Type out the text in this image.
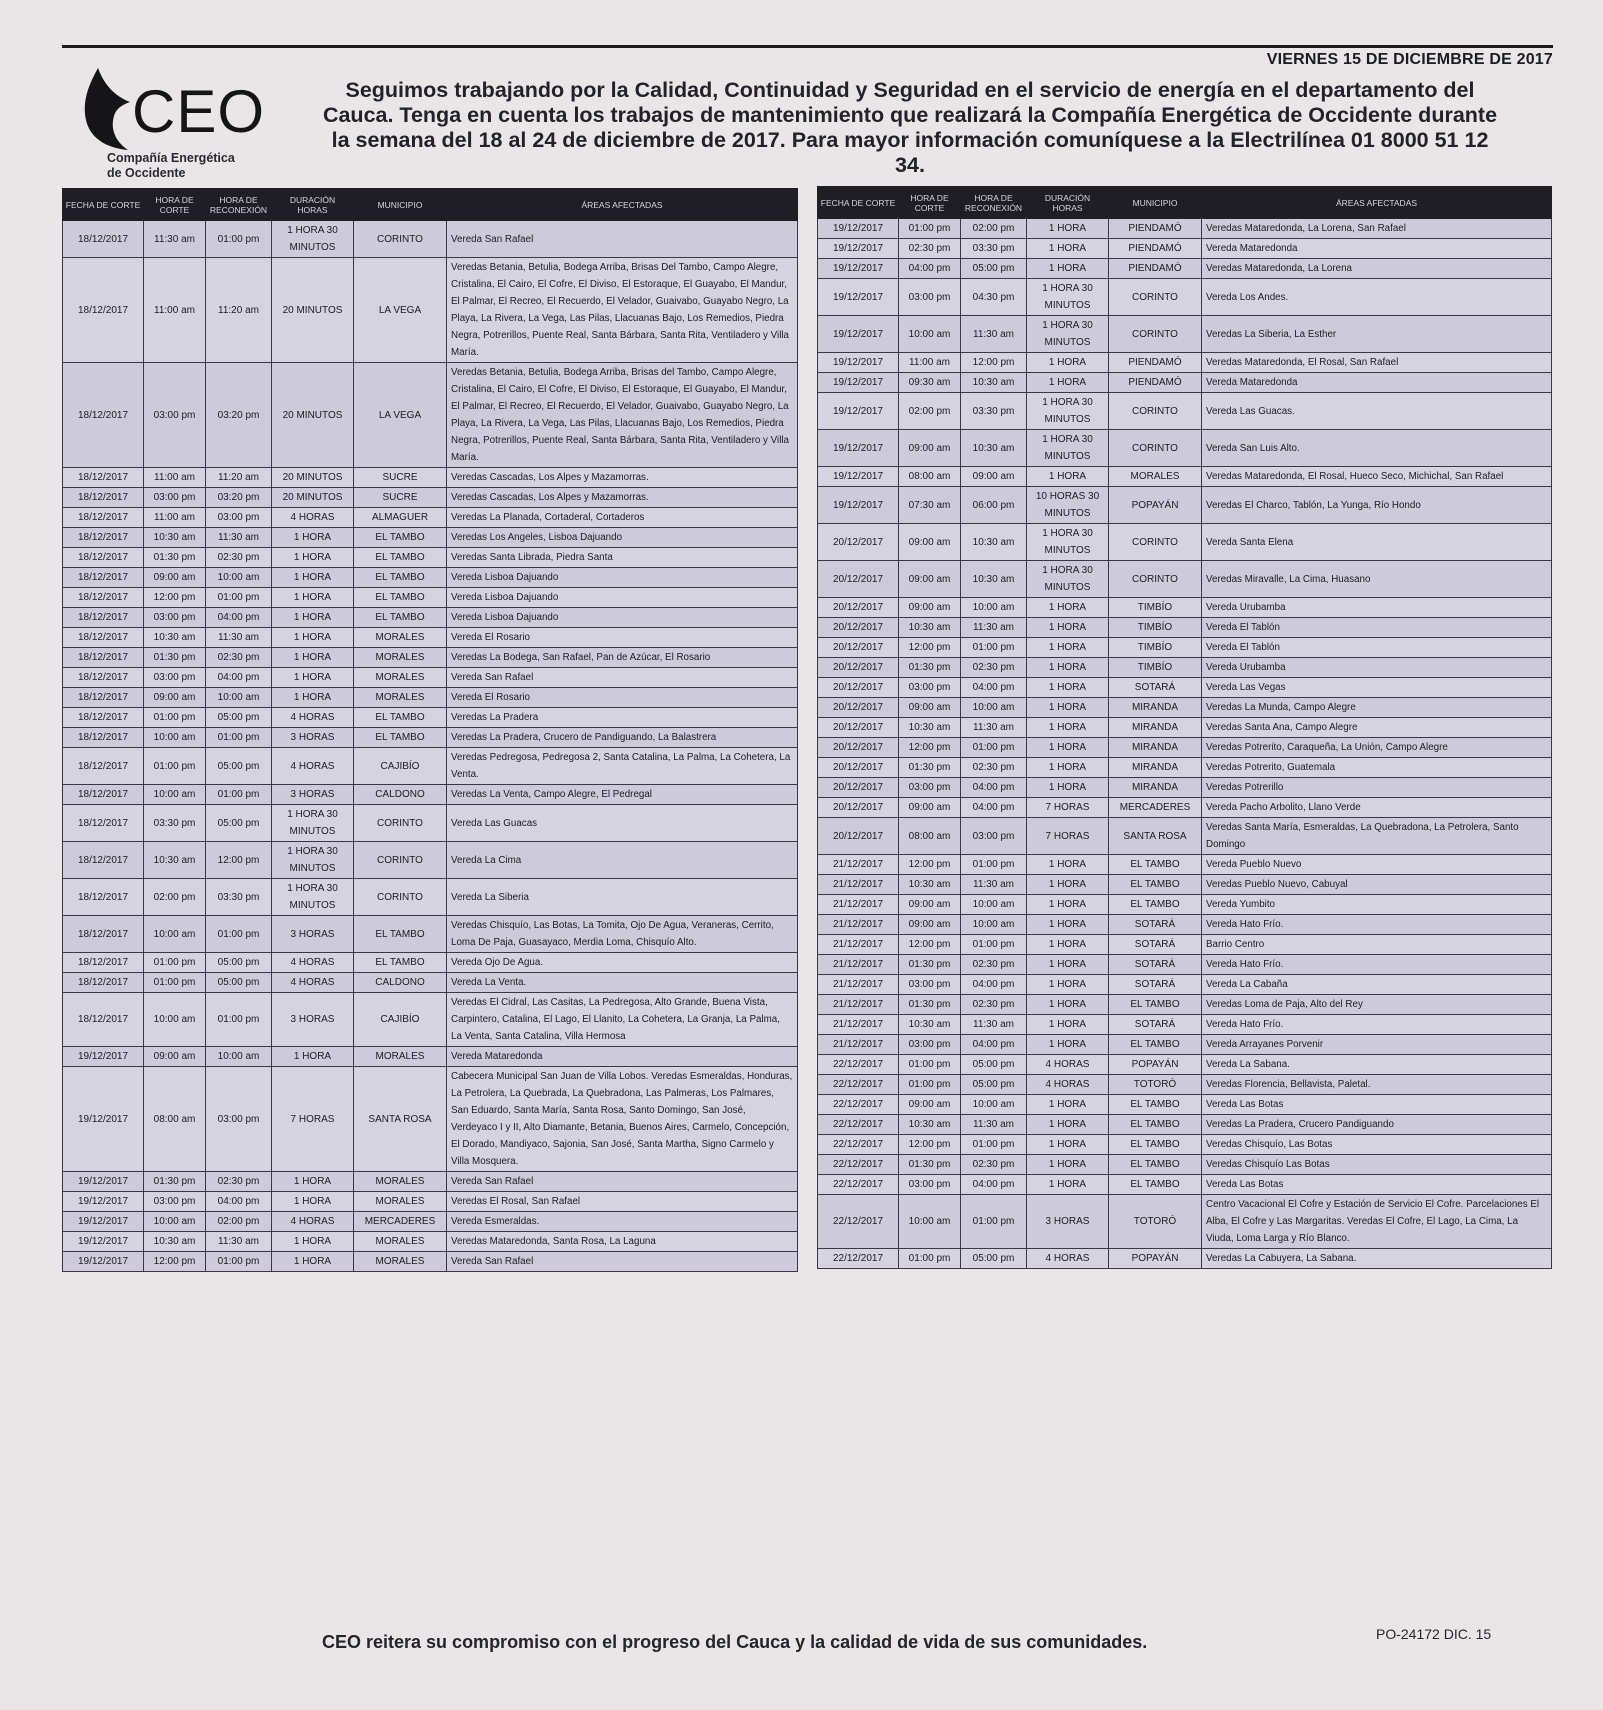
VIERNES 15 DE DICIEMBRE DE 2017
CEO
Compañía Energética
de Occidente
Seguimos trabajando por la Calidad, Continuidad y Seguridad en el servicio de energía en el departamento del Cauca. Tenga en cuenta los trabajos de mantenimiento que realizará la Compañía Energética de Occidente durante la semana del 18 al 24 de diciembre de 2017. Para mayor información comuníquese a la Electrilínea 01 8000 51 12 34.
FECHA DE CORTE	HORA DE CORTE	HORA DE RECONEXIÓN	DURACIÓN HORAS	MUNICIPIO	ÁREAS AFECTADAS
18/12/2017	11:30 am	01:00 pm	1 HORA 30 MINUTOS	CORINTO	Vereda San Rafael
18/12/2017	11:00 am	11:20 am	20 MINUTOS	LA VEGA	Veredas Betania, Betulia, Bodega Arriba, Brisas Del Tambo, Campo Alegre, Cristalina, El Cairo, El Cofre, El Diviso, El Estoraque, El Guayabo, El Mandur, El Palmar, El Recreo, El Recuerdo, El Velador, Guaivabo, Guayabo Negro, La Playa, La Rivera, La Vega, Las Pilas, Llacuanas Bajo, Los Remedios, Piedra Negra, Potrerillos, Puente Real, Santa Bárbara, Santa Rita, Ventiladero y Villa María.
18/12/2017	03:00 pm	03:20 pm	20 MINUTOS	LA VEGA	Veredas Betania, Betulia, Bodega Arriba, Brisas del Tambo, Campo Alegre, Cristalina, El Cairo, El Cofre, El Diviso, El Estoraque, El Guayabo, El Mandur, El Palmar, El Recreo, El Recuerdo, El Velador, Guaivabo, Guayabo Negro, La Playa, La Rivera, La Vega, Las Pilas, Llacuanas Bajo, Los Remedios, Piedra Negra, Potrerillos, Puente Real, Santa Bárbara, Santa Rita, Ventiladero y Villa María.
18/12/2017	11:00 am	11:20 am	20 MINUTOS	SUCRE	Veredas Cascadas, Los Alpes y Mazamorras.
18/12/2017	03:00 pm	03:20 pm	20 MINUTOS	SUCRE	Veredas Cascadas, Los Alpes y Mazamorras.
18/12/2017	11:00 am	03:00 pm	4 HORAS	ALMAGUER	Veredas La Planada, Cortaderal, Cortaderos
18/12/2017	10:30 am	11:30 am	1 HORA	EL TAMBO	Veredas Los Angeles, Lisboa Dajuando
18/12/2017	01:30 pm	02:30 pm	1 HORA	EL TAMBO	Veredas Santa Librada, Piedra Santa
18/12/2017	09:00 am	10:00 am	1 HORA	EL TAMBO	Vereda Lisboa Dajuando
18/12/2017	12:00 pm	01:00 pm	1 HORA	EL TAMBO	Vereda Lisboa Dajuando
18/12/2017	03:00 pm	04:00 pm	1 HORA	EL TAMBO	Vereda Lisboa Dajuando
18/12/2017	10:30 am	11:30 am	1 HORA	MORALES	Vereda El Rosario
18/12/2017	01:30 pm	02:30 pm	1 HORA	MORALES	Veredas La Bodega, San Rafael, Pan de Azúcar, El Rosario
18/12/2017	03:00 pm	04:00 pm	1 HORA	MORALES	Vereda San Rafael
18/12/2017	09:00 am	10:00 am	1 HORA	MORALES	Vereda El Rosario
18/12/2017	01:00 pm	05:00 pm	4 HORAS	EL TAMBO	Veredas La Pradera
18/12/2017	10:00 am	01:00 pm	3 HORAS	EL TAMBO	Veredas La Pradera, Crucero de Pandiguando, La Balastrera
18/12/2017	01:00 pm	05:00 pm	4 HORAS	CAJIBÍO	Veredas Pedregosa, Pedregosa 2, Santa Catalina, La Palma, La Cohetera, La Venta.
18/12/2017	10:00 am	01:00 pm	3 HORAS	CALDONO	Veredas La Venta, Campo Alegre, El Pedregal
18/12/2017	03:30 pm	05:00 pm	1 HORA 30 MINUTOS	CORINTO	Vereda Las Guacas
18/12/2017	10:30 am	12:00 pm	1 HORA 30 MINUTOS	CORINTO	Vereda La Cima
18/12/2017	02:00 pm	03:30 pm	1 HORA 30 MINUTOS	CORINTO	Vereda La Siberia
18/12/2017	10:00 am	01:00 pm	3 HORAS	EL TAMBO	Veredas Chisquío, Las Botas, La Tomita, Ojo De Agua, Veraneras, Cerrito, Loma De Paja, Guasayaco, Merdia Loma, Chisquío Alto.
18/12/2017	01:00 pm	05:00 pm	4 HORAS	EL TAMBO	Vereda Ojo De Agua.
18/12/2017	01:00 pm	05:00 pm	4 HORAS	CALDONO	Vereda La Venta.
18/12/2017	10:00 am	01:00 pm	3 HORAS	CAJIBÍO	Veredas El Cidral, Las Casitas, La Pedregosa, Alto Grande, Buena Vista, Carpintero, Catalina, El Lago, El Llanito, La Cohetera, La Granja, La Palma, La Venta, Santa Catalina, Villa Hermosa
19/12/2017	09:00 am	10:00 am	1 HORA	MORALES	Vereda Mataredonda
19/12/2017	08:00 am	03:00 pm	7 HORAS	SANTA ROSA	Cabecera Municipal San Juan de Villa Lobos. Veredas Esmeraldas, Honduras, La Petrolera, La Quebrada, La Quebradona, Las Palmeras, Los Palmares, San Eduardo, Santa María, Santa Rosa, Santo Domingo, San José, Verdeyaco I y II, Alto Diamante, Betania, Buenos Aires, Carmelo, Concepción, El Dorado, Mandiyaco, Sajonia, San José, Santa Martha, Signo Carmelo y Villa Mosquera.
19/12/2017	01:30 pm	02:30 pm	1 HORA	MORALES	Vereda San Rafael
19/12/2017	03:00 pm	04:00 pm	1 HORA	MORALES	Veredas El Rosal, San Rafael
19/12/2017	10:00 am	02:00 pm	4 HORAS	MERCADERES	Vereda Esmeraldas.
19/12/2017	10:30 am	11:30 am	1 HORA	MORALES	Veredas Mataredonda, Santa Rosa, La Laguna
19/12/2017	12:00 pm	01:00 pm	1 HORA	MORALES	Vereda San Rafael
FECHA DE CORTE	HORA DE CORTE	HORA DE RECONEXIÓN	DURACIÓN HORAS	MUNICIPIO	ÁREAS AFECTADAS
19/12/2017	01:00 pm	02:00 pm	1 HORA	PIENDAMÓ	Veredas Mataredonda, La Lorena, San Rafael
19/12/2017	02:30 pm	03:30 pm	1 HORA	PIENDAMÓ	Vereda Mataredonda
19/12/2017	04:00 pm	05:00 pm	1 HORA	PIENDAMÓ	Veredas Mataredonda, La Lorena
19/12/2017	03:00 pm	04:30 pm	1 HORA 30 MINUTOS	CORINTO	Vereda Los Andes.
19/12/2017	10:00 am	11:30 am	1 HORA 30 MINUTOS	CORINTO	Veredas La Siberia, La Esther
19/12/2017	11:00 am	12:00 pm	1 HORA	PIENDAMÓ	Veredas Mataredonda, El Rosal, San Rafael
19/12/2017	09:30 am	10:30 am	1 HORA	PIENDAMÓ	Vereda Mataredonda
19/12/2017	02:00 pm	03:30 pm	1 HORA 30 MINUTOS	CORINTO	Vereda Las Guacas.
19/12/2017	09:00 am	10:30 am	1 HORA 30 MINUTOS	CORINTO	Vereda San Luis Alto.
19/12/2017	08:00 am	09:00 am	1 HORA	MORALES	Veredas Mataredonda, El Rosal, Hueco Seco, Michichal, San Rafael
19/12/2017	07:30 am	06:00 pm	10 HORAS 30 MINUTOS	POPAYÁN	Veredas El Charco, Tablón, La Yunga, Río Hondo
20/12/2017	09:00 am	10:30 am	1 HORA 30 MINUTOS	CORINTO	Vereda Santa Elena
20/12/2017	09:00 am	10:30 am	1 HORA 30 MINUTOS	CORINTO	Veredas Miravalle, La Cima, Huasano
20/12/2017	09:00 am	10:00 am	1 HORA	TIMBÍO	Vereda Urubamba
20/12/2017	10:30 am	11:30 am	1 HORA	TIMBÍO	Vereda El Tablón
20/12/2017	12:00 pm	01:00 pm	1 HORA	TIMBÍO	Vereda El Tablón
20/12/2017	01:30 pm	02:30 pm	1 HORA	TIMBÍO	Vereda Urubamba
20/12/2017	03:00 pm	04:00 pm	1 HORA	SOTARÁ	Vereda Las Vegas
20/12/2017	09:00 am	10:00 am	1 HORA	MIRANDA	Veredas La Munda, Campo Alegre
20/12/2017	10:30 am	11:30 am	1 HORA	MIRANDA	Veredas Santa Ana, Campo Alegre
20/12/2017	12:00 pm	01:00 pm	1 HORA	MIRANDA	Veredas Potrerito, Caraqueña, La Unión, Campo Alegre
20/12/2017	01:30 pm	02:30 pm	1 HORA	MIRANDA	Veredas Potrerito, Guatemala
20/12/2017	03:00 pm	04:00 pm	1 HORA	MIRANDA	Veredas Potrerillo
20/12/2017	09:00 am	04:00 pm	7 HORAS	MERCADERES	Vereda Pacho Arbolito, Llano Verde
20/12/2017	08:00 am	03:00 pm	7 HORAS	SANTA ROSA	Veredas Santa María, Esmeraldas, La Quebradona, La Petrolera, Santo Domingo
21/12/2017	12:00 pm	01:00 pm	1 HORA	EL TAMBO	Vereda Pueblo Nuevo
21/12/2017	10:30 am	11:30 am	1 HORA	EL TAMBO	Veredas Pueblo Nuevo, Cabuyal
21/12/2017	09:00 am	10:00 am	1 HORA	EL TAMBO	Vereda Yumbito
21/12/2017	09:00 am	10:00 am	1 HORA	SOTARÁ	Vereda Hato Frío.
21/12/2017	12:00 pm	01:00 pm	1 HORA	SOTARÁ	Barrio Centro
21/12/2017	01:30 pm	02:30 pm	1 HORA	SOTARÁ	Vereda Hato Frío.
21/12/2017	03:00 pm	04:00 pm	1 HORA	SOTARÁ	Vereda La Cabaña
21/12/2017	01:30 pm	02:30 pm	1 HORA	EL TAMBO	Veredas Loma de Paja, Alto del Rey
21/12/2017	10:30 am	11:30 am	1 HORA	SOTARÁ	Vereda Hato Frío.
21/12/2017	03:00 pm	04:00 pm	1 HORA	EL TAMBO	Vereda Arrayanes Porvenir
22/12/2017	01:00 pm	05:00 pm	4 HORAS	POPAYÁN	Vereda La Sabana.
22/12/2017	01:00 pm	05:00 pm	4 HORAS	TOTORÓ	Veredas Florencia, Bellavista, Paletal.
22/12/2017	09:00 am	10:00 am	1 HORA	EL TAMBO	Vereda Las Botas
22/12/2017	10:30 am	11:30 am	1 HORA	EL TAMBO	Veredas La Pradera, Crucero Pandiguando
22/12/2017	12:00 pm	01:00 pm	1 HORA	EL TAMBO	Veredas Chisquío, Las Botas
22/12/2017	01:30 pm	02:30 pm	1 HORA	EL TAMBO	Veredas Chisquío Las Botas
22/12/2017	03:00 pm	04:00 pm	1 HORA	EL TAMBO	Vereda Las Botas
22/12/2017	10:00 am	01:00 pm	3 HORAS	TOTORÓ	Centro Vacacional El Cofre y Estación de Servicio El Cofre. Parcelaciones El Alba, El Cofre y Las Margaritas. Veredas El Cofre, El Lago, La Cima, La Viuda, Loma Larga y Río Blanco.
22/12/2017	01:00 pm	05:00 pm	4 HORAS	POPAYÁN	Veredas La Cabuyera, La Sabana.
CEO reitera su compromiso con el progreso del Cauca y la calidad de vida de sus comunidades.	PO-24172 DIC. 15
